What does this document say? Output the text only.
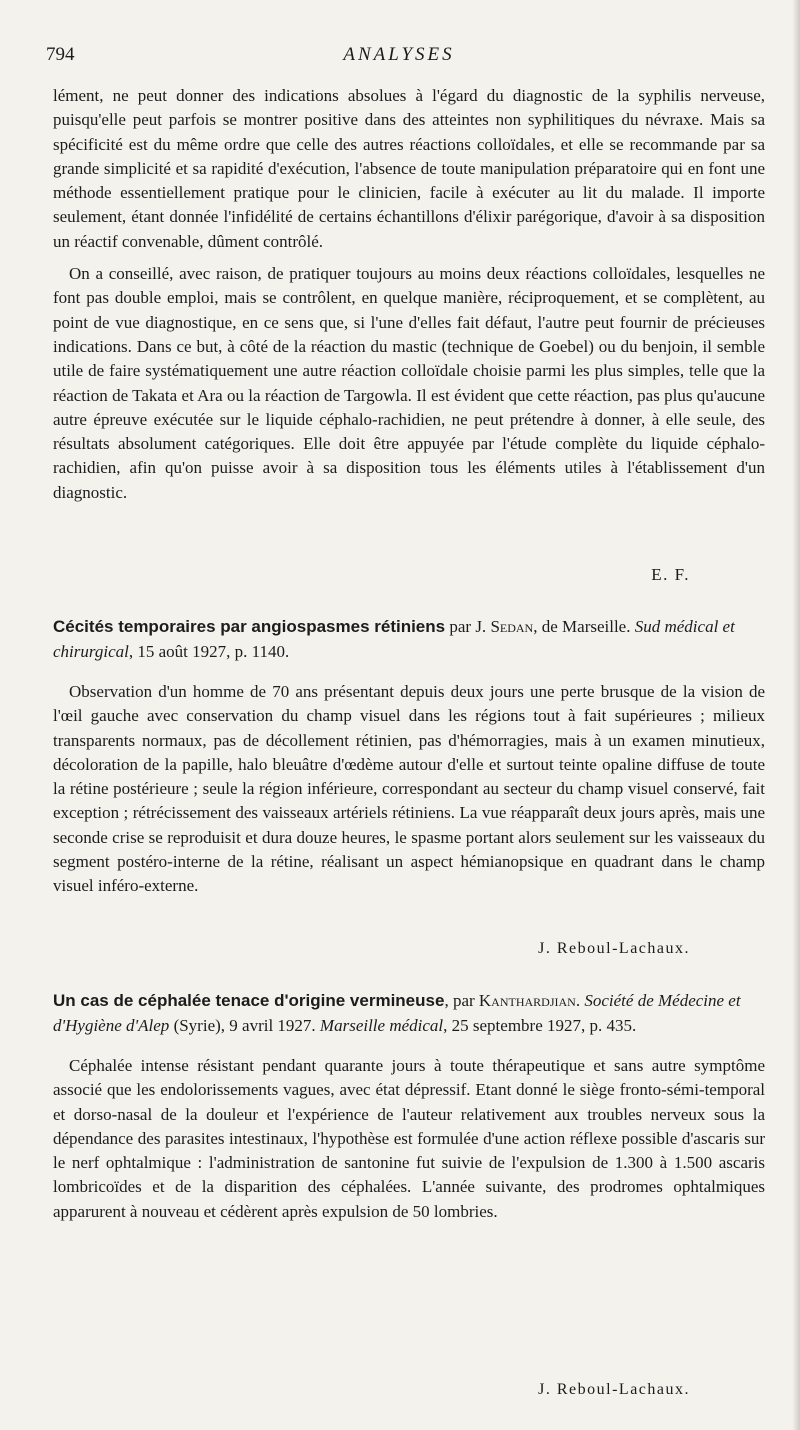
794	ANALYSES

lément, ne peut donner des indications absolues à l'égard du diagnostic de la syphilis nerveuse, puisqu'elle peut parfois se montrer positive dans des atteintes non syphilitiques du névraxe. Mais sa spécificité est du même ordre que celle des autres réactions colloïdales, et elle se recommande par sa grande simplicité et sa rapidité d'exécution, l'absence de toute manipulation préparatoire qui en font une méthode essentiellement pratique pour le clinicien, facile à exécuter au lit du malade. Il importe seulement, étant donnée l'infidélité de certains échantillons d'élixir parégorique, d'avoir à sa disposition un réactif convenable, dûment contrôlé.

On a conseillé, avec raison, de pratiquer toujours au moins deux réactions colloïdales, lesquelles ne font pas double emploi, mais se contrôlent, en quelque manière, réciproquement, et se complètent, au point de vue diagnostique, en ce sens que, si l'une d'elles fait défaut, l'autre peut fournir de précieuses indications. Dans ce but, à côté de la réaction du mastic (technique de Goebel) ou du benjoin, il semble utile de faire systématiquement une autre réaction colloïdale choisie parmi les plus simples, telle que la réaction de Takata et Ara ou la réaction de Targowla. Il est évident que cette réaction, pas plus qu'aucune autre épreuve exécutée sur le liquide céphalo-rachidien, ne peut prétendre à donner, à elle seule, des résultats absolument catégoriques. Elle doit être appuyée par l'étude complète du liquide céphalo-rachidien, afin qu'on puisse avoir à sa disposition tous les éléments utiles à l'établissement d'un diagnostic.

E. F.

Cécités temporaires par angiospasmes rétiniens par J. Sedan, de Marseille. Sud médical et chirurgical, 15 août 1927, p. 1140.

Observation d'un homme de 70 ans présentant depuis deux jours une perte brusque de la vision de l'œil gauche avec conservation du champ visuel dans les régions tout à fait supérieures ; milieux transparents normaux, pas de décollement rétinien, pas d'hémorragies, mais à un examen minutieux, décoloration de la papille, halo bleuâtre d'œdème autour d'elle et surtout teinte opaline diffuse de toute la rétine postérieure ; seule la région inférieure, correspondant au secteur du champ visuel conservé, fait exception ; rétrécissement des vaisseaux artériels rétiniens. La vue réapparaît deux jours après, mais une seconde crise se reproduisit et dura douze heures, le spasme portant alors seulement sur les vaisseaux du segment postéro-interne de la rétine, réalisant un aspect hémianopsique en quadrant dans le champ visuel inféro-externe.

J. Reboul-Lachaux.

Un cas de céphalée tenace d'origine vermineuse, par Kanthardjian. Société de Médecine et d'Hygiène d'Alep (Syrie), 9 avril 1927. Marseille médical, 25 septembre 1927, p. 435.

Céphalée intense résistant pendant quarante jours à toute thérapeutique et sans autre symptôme associé que les endolorissements vagues, avec état dépressif. Etant donné le siège fronto-sémi-temporal et dorso-nasal de la douleur et l'expérience de l'auteur relativement aux troubles nerveux sous la dépendance des parasites intestinaux, l'hypothèse est formulée d'une action réflexe possible d'ascaris sur le nerf ophtalmique : l'administration de santonine fut suivie de l'expulsion de 1.300 à 1.500 ascaris lombricoïdes et de la disparition des céphalées. L'année suivante, des prodromes ophtalmiques apparurent à nouveau et cédèrent après expulsion de 50 lombries.

J. Reboul-Lachaux.
